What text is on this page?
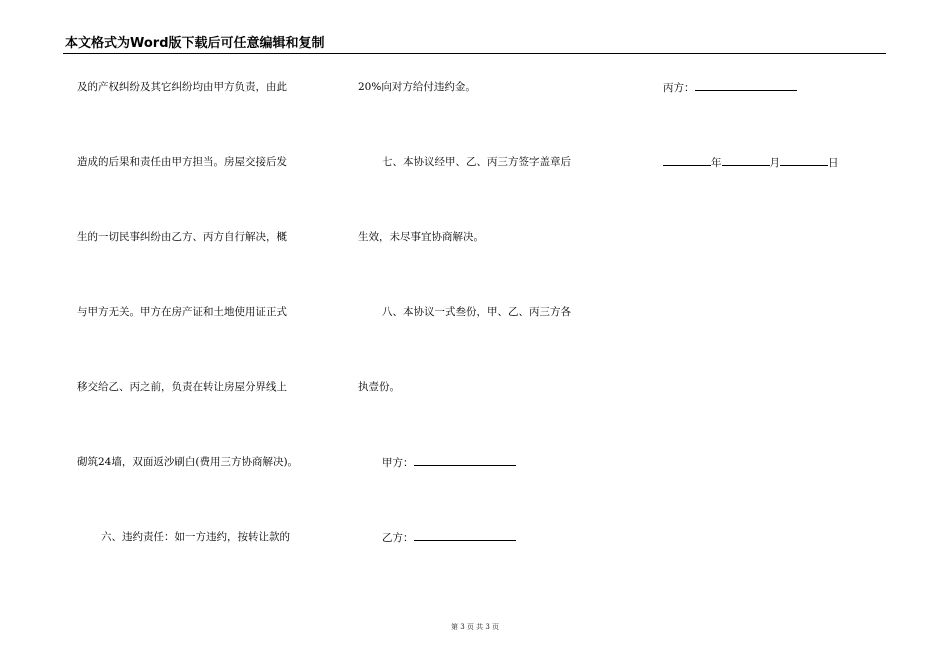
本文格式为Word版下载后可任意编辑和复制
及的产权纠纷及其它纠纷均由甲方负责，由此
造成的后果和责任由甲方担当。房屋交接后发
生的一切民事纠纷由乙方、丙方自行解决，概
与甲方无关。甲方在房产证和土地使用证正式
移交给乙、丙之前，负责在转让房屋分界线上
砌筑24墙，双面返沙刷白(费用三方协商解决)。
六、违约责任：如一方违约，按转让款的
20%向对方给付违约金。
七、本协议经甲、乙、丙三方签字盖章后
生效，未尽事宜协商解决。
八、本协议一式叁份，甲、乙、丙三方各
执壹份。
甲方：
乙方：
丙方：
年	月	日
第 3 页 共 3 页
